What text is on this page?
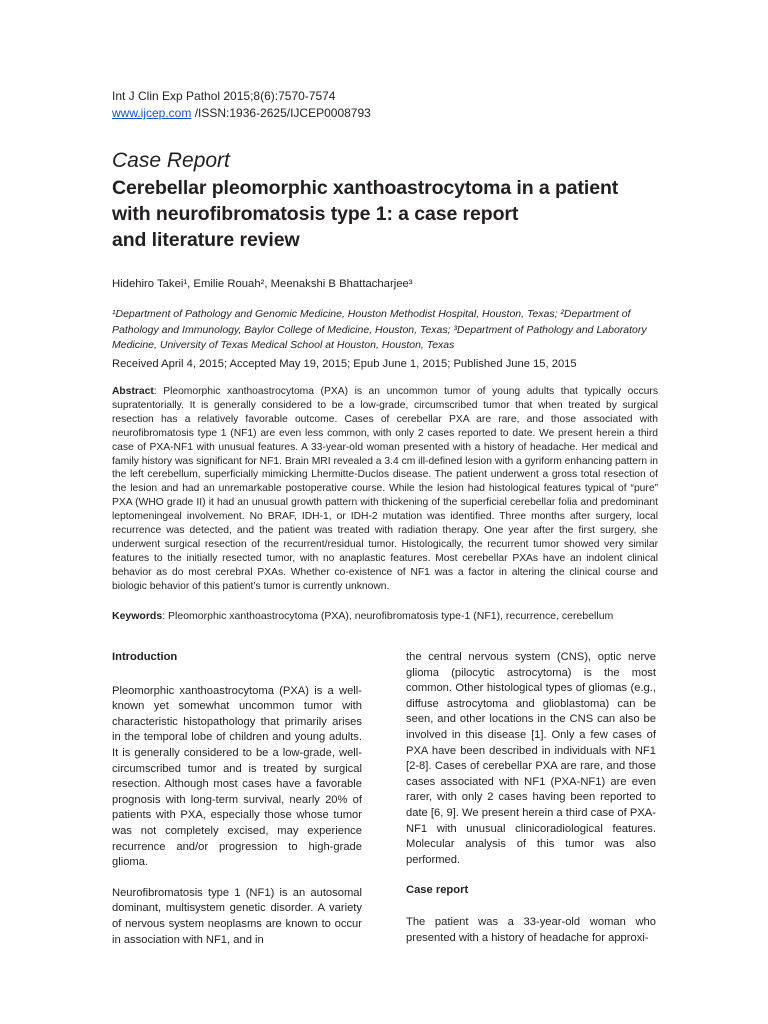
Int J Clin Exp Pathol 2015;8(6):7570-7574
www.ijcep.com /ISSN:1936-2625/IJCEP0008793
Case Report
Cerebellar pleomorphic xanthoastrocytoma in a patient
with neurofibromatosis type 1: a case report
and literature review
Hidehiro Takei¹, Emilie Rouah², Meenakshi B Bhattacharjee³
¹Department of Pathology and Genomic Medicine, Houston Methodist Hospital, Houston, Texas; ²Department of Pathology and Immunology, Baylor College of Medicine, Houston, Texas; ³Department of Pathology and Laboratory Medicine, University of Texas Medical School at Houston, Houston, Texas
Received April 4, 2015; Accepted May 19, 2015; Epub June 1, 2015; Published June 15, 2015
Abstract: Pleomorphic xanthoastrocytoma (PXA) is an uncommon tumor of young adults that typically occurs supratentorially. It is generally considered to be a low-grade, circumscribed tumor that when treated by surgical resection has a relatively favorable outcome. Cases of cerebellar PXA are rare, and those associated with neurofibromatosis type 1 (NF1) are even less common, with only 2 cases reported to date. We present herein a third case of PXA-NF1 with unusual features. A 33-year-old woman presented with a history of headache. Her medical and family history was significant for NF1. Brain MRI revealed a 3.4 cm ill-defined lesion with a gyriform enhancing pattern in the left cerebellum, superficially mimicking Lhermitte-Duclos disease. The patient underwent a gross total resection of the lesion and had an unremarkable postoperative course. While the lesion had histological features typical of “pure” PXA (WHO grade II) it had an unusual growth pattern with thickening of the superficial cerebellar folia and predominant leptomeningeal involvement. No BRAF, IDH-1, or IDH-2 mutation was identified. Three months after surgery, local recurrence was detected, and the patient was treated with radiation therapy. One year after the first surgery, she underwent surgical resection of the recurrent/residual tumor. Histologically, the recurrent tumor showed very similar features to the initially resected tumor, with no anaplastic features. Most cerebellar PXAs have an indolent clinical behavior as do most cerebral PXAs. Whether co-existence of NF1 was a factor in altering the clinical course and biologic behavior of this patient’s tumor is currently unknown.
Keywords: Pleomorphic xanthoastrocytoma (PXA), neurofibromatosis type-1 (NF1), recurrence, cerebellum
Introduction

Pleomorphic xanthoastrocytoma (PXA) is a well-known yet somewhat uncommon tumor with characteristic histopathology that primarily arises in the temporal lobe of children and young adults. It is generally considered to be a low-grade, well-circumscribed tumor and is treated by surgical resection. Although most cases have a favorable prognosis with long-term survival, nearly 20% of patients with PXA, especially those whose tumor was not completely excised, may experience recurrence and/or progression to high-grade glioma.

Neurofibromatosis type 1 (NF1) is an autosomal dominant, multisystem genetic disorder. A variety of nervous system neoplasms are known to occur in association with NF1, and in

the central nervous system (CNS), optic nerve glioma (pilocytic astrocytoma) is the most common. Other histological types of gliomas (e.g., diffuse astrocytoma and glioblastoma) can be seen, and other locations in the CNS can also be involved in this disease [1]. Only a few cases of PXA have been described in individuals with NF1 [2-8]. Cases of cerebellar PXA are rare, and those cases associated with NF1 (PXA-NF1) are even rarer, with only 2 cases having been reported to date [6, 9]. We present herein a third case of PXA-NF1 with unusual clinicoradiological features. Molecular analysis of this tumor was also performed.

Case report

The patient was a 33-year-old woman who presented with a history of headache for approxi-
